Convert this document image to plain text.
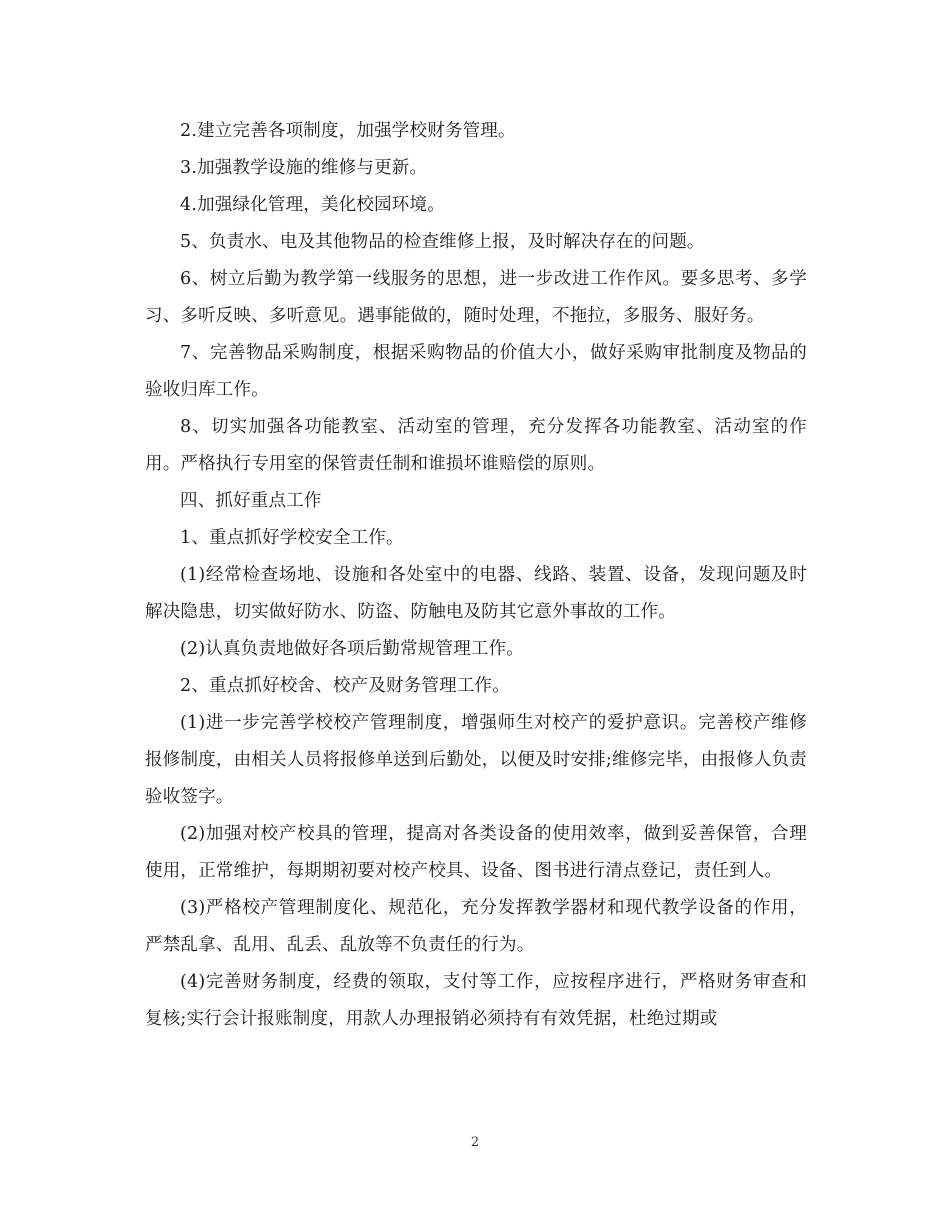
2.建立完善各项制度，加强学校财务管理。

3.加强教学设施的维修与更新。

4.加强绿化管理，美化校园环境。

5、负责水、电及其他物品的检查维修上报，及时解决存在的问题。

6、树立后勤为教学第一线服务的思想，进一步改进工作作风。要多思考、多学习、多听反映、多听意见。遇事能做的，随时处理，不拖拉，多服务、服好务。

7、完善物品采购制度，根据采购物品的价值大小，做好采购审批制度及物品的验收归库工作。

8、切实加强各功能教室、活动室的管理，充分发挥各功能教室、活动室的作用。严格执行专用室的保管责任制和谁损坏谁赔偿的原则。

四、抓好重点工作

1、重点抓好学校安全工作。

(1)经常检查场地、设施和各处室中的电器、线路、装置、设备，发现问题及时解决隐患，切实做好防水、防盗、防触电及防其它意外事故的工作。

(2)认真负责地做好各项后勤常规管理工作。

2、重点抓好校舍、校产及财务管理工作。

(1)进一步完善学校校产管理制度，增强师生对校产的爱护意识。完善校产维修报修制度，由相关人员将报修单送到后勤处，以便及时安排;维修完毕，由报修人负责验收签字。

(2)加强对校产校具的管理，提高对各类设备的使用效率，做到妥善保管，合理使用，正常维护，每期期初要对校产校具、设备、图书进行清点登记，责任到人。

(3)严格校产管理制度化、规范化，充分发挥教学器材和现代教学设备的作用，严禁乱拿、乱用、乱丢、乱放等不负责任的行为。

(4)完善财务制度，经费的领取，支付等工作，应按程序进行，严格财务审查和复核;实行会计报账制度，用款人办理报销必须持有有效凭据，杜绝过期或

2
